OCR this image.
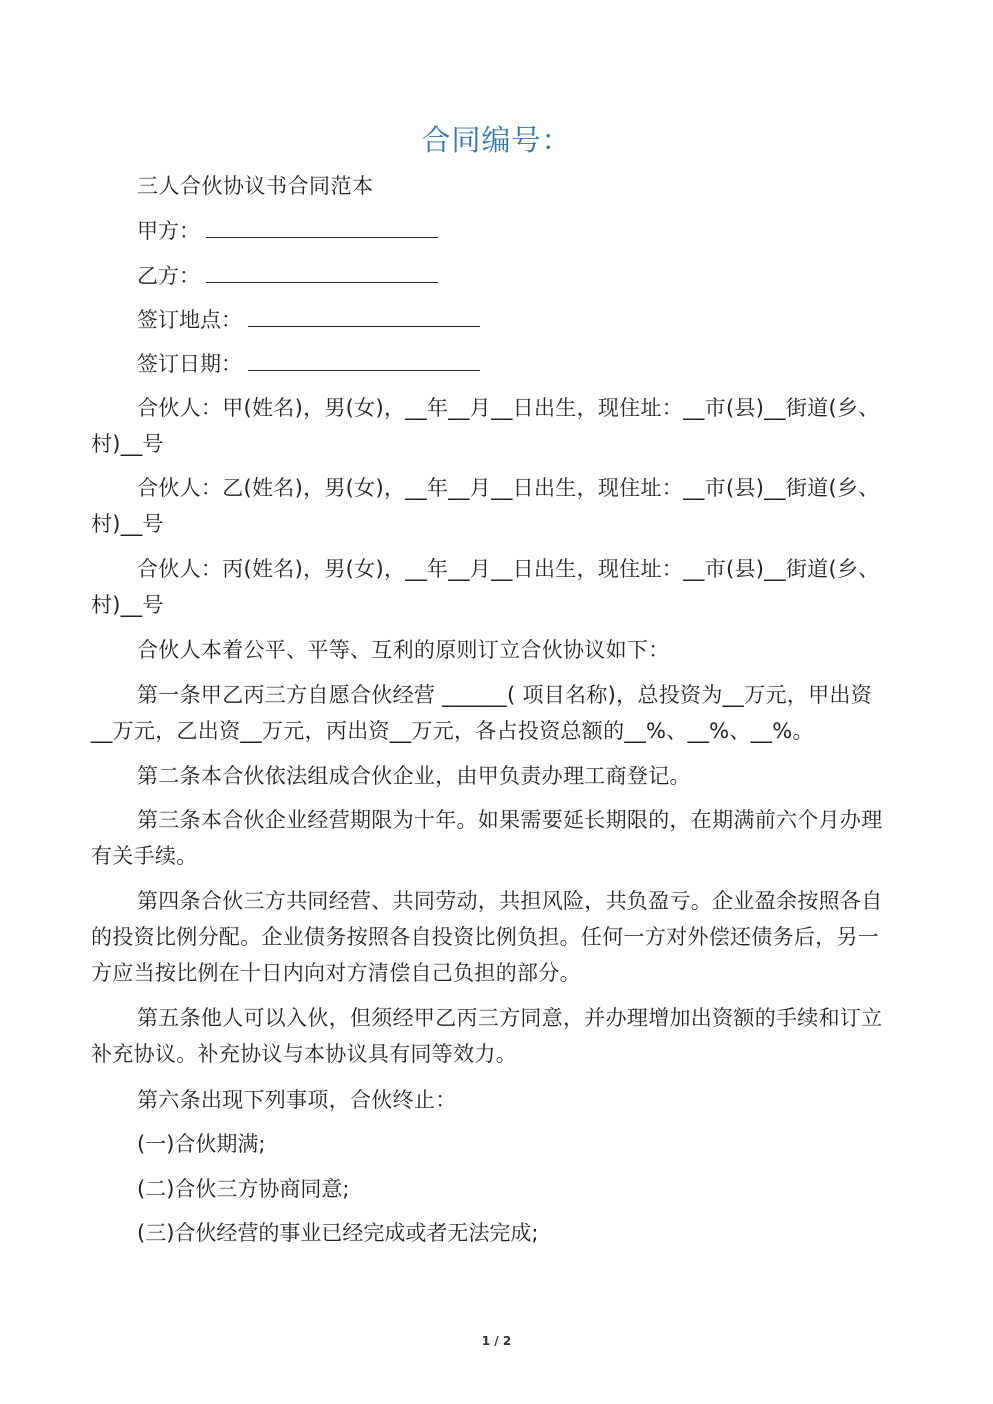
合同编号：
三人合伙协议书合同范本
甲方：
乙方：
签订地点：
签订日期：
合伙人：甲(姓名)，男(女)，__年__月__日出生，现住址：__市(县)__街道(乡、村)__号
合伙人：乙(姓名)，男(女)，__年__月__日出生，现住址：__市(县)__街道(乡、村)__号
合伙人：丙(姓名)，男(女)，__年__月__日出生，现住址：__市(县)__街道(乡、村)__号
合伙人本着公平、平等、互利的原则订立合伙协议如下：
第一条甲乙丙三方自愿合伙经营 ______( 项目名称)，总投资为__万元，甲出资__万元，乙出资__万元，丙出资__万元，各占投资总额的__%、__%、__%。
第二条本合伙依法组成合伙企业，由甲负责办理工商登记。
第三条本合伙企业经营期限为十年。如果需要延长期限的，在期满前六个月办理有关手续。
第四条合伙三方共同经营、共同劳动，共担风险，共负盈亏。企业盈余按照各自的投资比例分配。企业债务按照各自投资比例负担。任何一方对外偿还债务后，另一方应当按比例在十日内向对方清偿自己负担的部分。
第五条他人可以入伙，但须经甲乙丙三方同意，并办理增加出资额的手续和订立补充协议。补充协议与本协议具有同等效力。
第六条出现下列事项，合伙终止：
(一)合伙期满;
(二)合伙三方协商同意;
(三)合伙经营的事业已经完成或者无法完成;
1 / 2
